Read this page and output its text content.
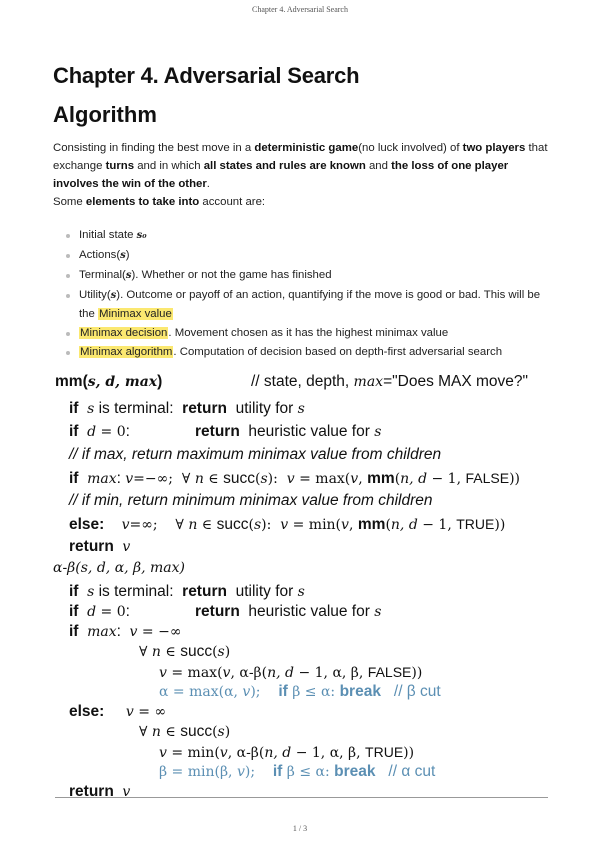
Chapter 4. Adversarial Search
Chapter 4. Adversarial Search
Algorithm
Consisting in finding the best move in a deterministic game(no luck involved) of two players that exchange turns and in which all states and rules are known and the loss of one player involves the win of the other.
Some elements to take into account are:
Initial state s₀
Actions(s)
Terminal(s). Whether or not the game has finished
Utility(s). Outcome or payoff of an action, quantifying if the move is good or bad. This will be the Minimax value
Minimax decision. Movement chosen as it has the highest minimax value
Minimax algorithm. Computation of decision based on depth-first adversarial search
mm(s, d, max)	// state, depth, max="Does MAX move?"
if s is terminal: return utility for s
if d = 0:	return heuristic value for s
// if max, return maximum minimax value from children
if max: v=−∞;  ∀ n ∈ succ(s):  v = max(v, mm(n, d − 1, FALSE))
// if min, return minimum minimax value from children
else: v=∞;    ∀ n ∈ succ(s):  v = min(v, mm(n, d − 1, TRUE))
return v
α-β(s, d, α, β, max)
if s is terminal: return utility for s
if d = 0:	return heuristic value for s
if max:  v = −∞
∀ n ∈ succ(s)
v = max(v, α-β(n, d − 1, α, β, FALSE))
α = max(α, v);    if β ≤ α: break // β cut
else: v = ∞
∀ n ∈ succ(s)
v = min(v, α-β(n, d − 1, α, β, TRUE))
β = min(β, v);    if β ≤ α: break // α cut
return v
1 / 3
